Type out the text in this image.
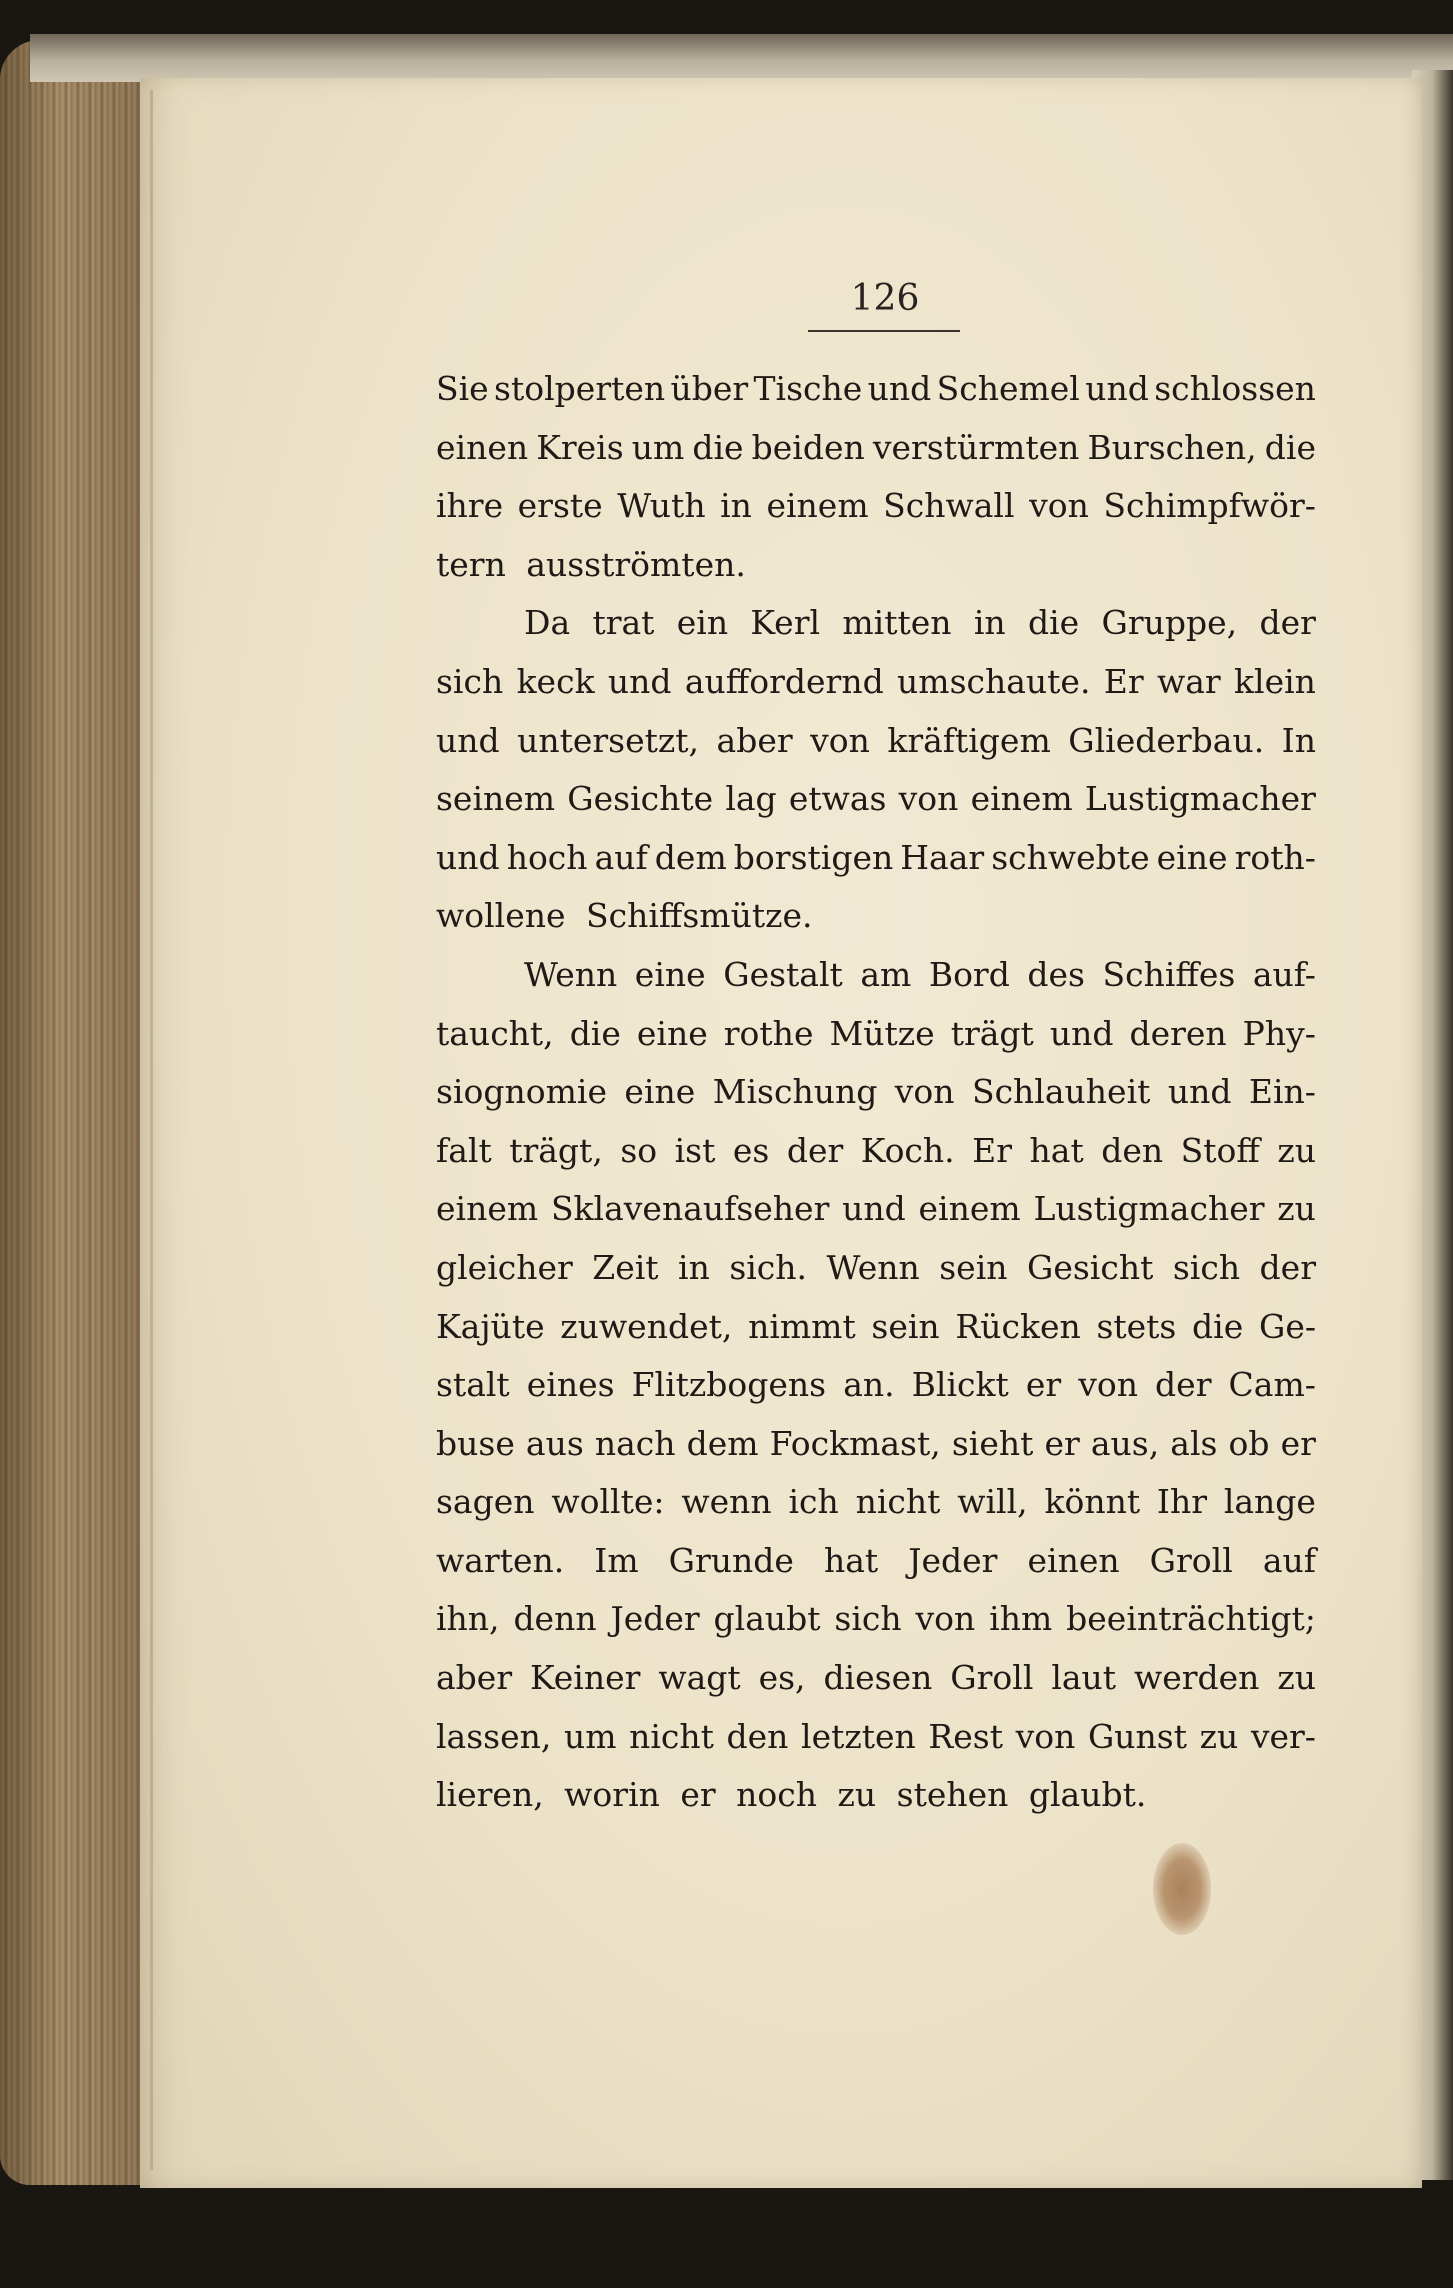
126
Sie stolperten über Tische und Schemel und schlossen
einen Kreis um die beiden verstürmten Burschen, die
ihre erste Wuth in einem Schwall von Schimpfwör-
tern ausströmten.
Da trat ein Kerl mitten in die Gruppe, der
sich keck und auffordernd umschaute. Er war klein
und untersetzt, aber von kräftigem Gliederbau. In
seinem Gesichte lag etwas von einem Lustigmacher
und hoch auf dem borstigen Haar schwebte eine roth-
wollene Schiffsmütze.
Wenn eine Gestalt am Bord des Schiffes auf-
taucht, die eine rothe Mütze trägt und deren Phy-
siognomie eine Mischung von Schlauheit und Ein-
falt trägt, so ist es der Koch. Er hat den Stoff zu
einem Sklavenaufseher und einem Lustigmacher zu
gleicher Zeit in sich. Wenn sein Gesicht sich der
Kajüte zuwendet, nimmt sein Rücken stets die Ge-
stalt eines Flitzbogens an. Blickt er von der Cam-
buse aus nach dem Fockmast, sieht er aus, als ob er
sagen wollte: wenn ich nicht will, könnt Ihr lange
warten. Im Grunde hat Jeder einen Groll auf
ihn, denn Jeder glaubt sich von ihm beeinträchtigt;
aber Keiner wagt es, diesen Groll laut werden zu
lassen, um nicht den letzten Rest von Gunst zu ver-
lieren, worin er noch zu stehen glaubt.
